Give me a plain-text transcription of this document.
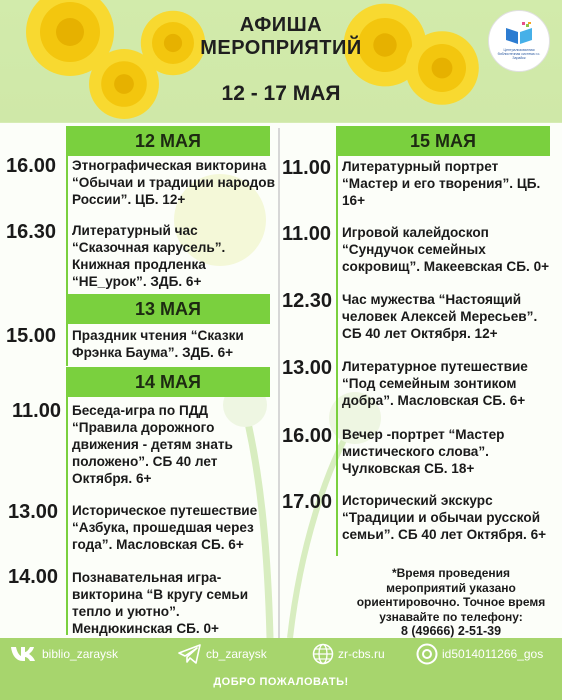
АФИША
МЕРОПРИЯТИЙ
12 - 17 МАЯ
Централизованная библиотечная система г.о. Зарайск
12 МАЯ
16.00 Этнографическая викторина
“Обычаи и традиции народов
России”. ЦБ. 12+
16.30 Литературный час
“Сказочная карусель”.
Книжная продленка
“НЕ_урок”. ЗДБ. 6+
13 МАЯ
15.00 Праздник чтения “Сказки
Фрэнка Баума”. ЗДБ. 6+
14 МАЯ
11.00 Беседа-игра по ПДД
“Правила дорожного
движения - детям знать
положено”. СБ 40 лет
Октября. 6+
13.00 Историческое путешествие
“Азбука, прошедшая через
года”. Масловская СБ. 6+
14.00 Познавательная игра-
викторина “В кругу семьи
тепло и уютно”.
Мендюкинская СБ. 0+
15 МАЯ
11.00 Литературный портрет
“Мастер и его творения”. ЦБ.
16+
11.00 Игровой калейдоскоп
“Сундучок семейных
сокровищ”. Макеевская СБ. 0+
12.30 Час мужества “Настоящий
человек Алексей Мересьев”.
СБ 40 лет Октября. 12+
13.00 Литературное путешествие
“Под семейным зонтиком
добра”. Масловская СБ. 6+
16.00 Вечер -портрет “Мастер
мистического слова”.
Чулковская СБ. 18+
17.00 Исторический экскурс
“Традиции и обычаи русской
семьи”. СБ 40 лет Октября. 6+
*Время проведения
мероприятий указано
ориентировочно. Точное время
узнавайте по телефону:
8 (49666) 2-51-39
biblio_zaraysk	cb_zaraysk	zr-cbs.ru	id5014011266_gos
ДОБРО ПОЖАЛОВАТЬ!
